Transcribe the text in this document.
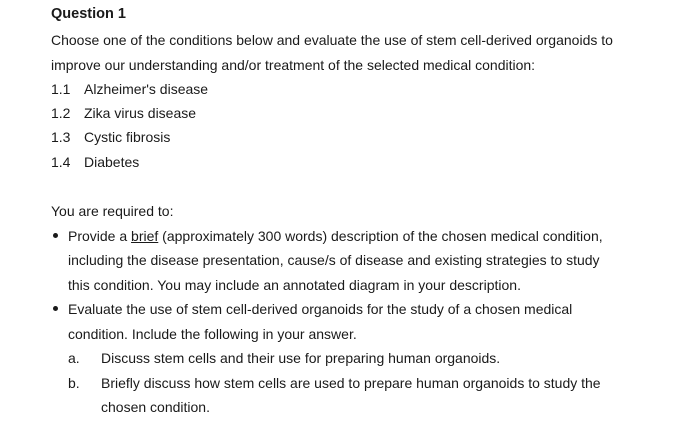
Question 1
Choose one of the conditions below and evaluate the use of stem cell-derived organoids to
improve our understanding and/or treatment of the selected medical condition:
1.1 Alzheimer's disease
1.2 Zika virus disease
1.3 Cystic fibrosis
1.4 Diabetes
You are required to:
Provide a brief (approximately 300 words) description of the chosen medical condition,
including the disease presentation, cause/s of disease and existing strategies to study
this condition. You may include an annotated diagram in your description.
Evaluate the use of stem cell-derived organoids for the study of a chosen medical
condition. Include the following in your answer.
a. Discuss stem cells and their use for preparing human organoids.
b. Briefly discuss how stem cells are used to prepare human organoids to study the
chosen condition.
